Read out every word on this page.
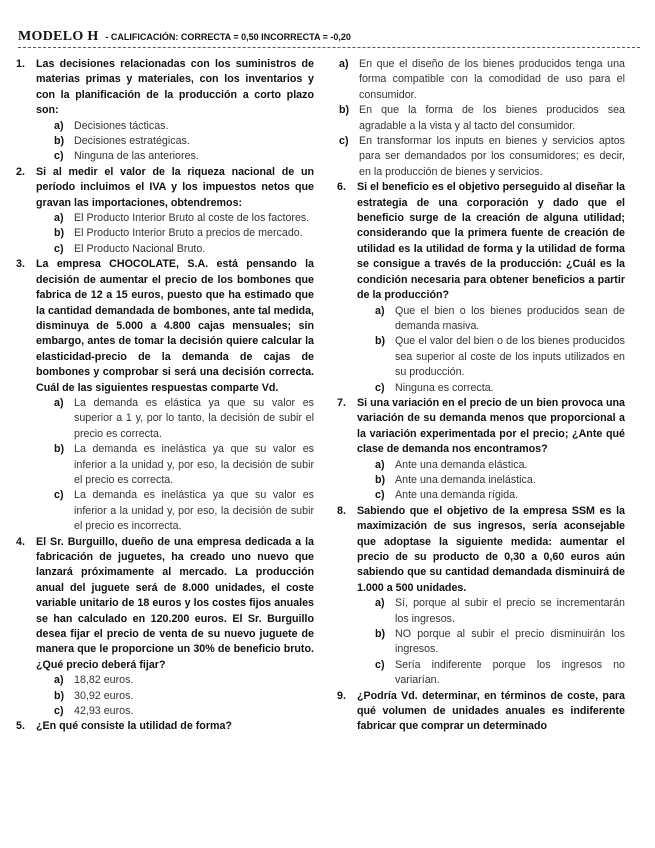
MODELO H - CALIFICACIÓN: CORRECTA = 0,50 INCORRECTA = -0,20
1. Las decisiones relacionadas con los suministros de materias primas y materiales, con los inventarios y con la planificación de la producción a corto plazo son:
a) Decisiones tácticas.
b) Decisiones estratégicas.
c) Ninguna de las anteriores.
2. Si al medir el valor de la riqueza nacional de un período incluimos el IVA y los impuestos netos que gravan las importaciones, obtendremos:
a) El Producto Interior Bruto al coste de los factores.
b) El Producto Interior Bruto a precios de mercado.
c) El Producto Nacional Bruto.
3. La empresa CHOCOLATE, S.A. está pensando la decisión de aumentar el precio de los bombones que fabrica de 12 a 15 euros, puesto que ha estimado que la cantidad demandada de bombones, ante tal medida, disminuya de 5.000 a 4.800 cajas mensuales; sin embargo, antes de tomar la decisión quiere calcular la elasticidad-precio de la demanda de cajas de bombones y comprobar si será una decisión correcta. Cuál de las siguientes respuestas comparte Vd.
a) La demanda es elástica ya que su valor es superior a 1 y, por lo tanto, la decisión de subir el precio es correcta.
b) La demanda es inelástica ya que su valor es inferior a la unidad y, por eso, la decisión de subir el precio es correcta.
c) La demanda es inelástica ya que su valor es inferior a la unidad y, por eso, la decisión de subir el precio es incorrecta.
4. El Sr. Burguillo, dueño de una empresa dedicada a la fabricación de juguetes, ha creado uno nuevo que lanzará próximamente al mercado. La producción anual del juguete será de 8.000 unidades, el coste variable unitario de 18 euros y los costes fijos anuales se han calculado en 120.200 euros. El Sr. Burguillo desea fijar el precio de venta de su nuevo juguete de manera que le proporcione un 30% de beneficio bruto. ¿Qué precio deberá fijar?
a) 18,82 euros.
b) 30,92 euros.
c) 42,93 euros.
5. ¿En qué consiste la utilidad de forma?
a) En que el diseño de los bienes producidos tenga una forma compatible con la comodidad de uso para el consumidor.
b) En que la forma de los bienes producidos sea agradable a la vista y al tacto del consumidor.
c) En transformar los inputs en bienes y servicios aptos para ser demandados por los consumidores; es decir, en la producción de bienes y servicios.
6. Si el beneficio es el objetivo perseguido al diseñar la estrategia de una corporación y dado que el beneficio surge de la creación de alguna utilidad; considerando que la primera fuente de creación de utilidad es la utilidad de forma y la utilidad de forma se consigue a través de la producción: ¿Cuál es la condición necesaria para obtener beneficios a partir de la producción?
a) Que el bien o los bienes producidos sean de demanda masiva.
b) Que el valor del bien o de los bienes producidos sea superior al coste de los inputs utilizados en su producción.
c) Ninguna es correcta.
7. Si una variación en el precio de un bien provoca una variación de su demanda menos que proporcional a la variación experimentada por el precio; ¿Ante qué clase de demanda nos encontramos?
a) Ante una demanda elástica.
b) Ante una demanda inelástica.
c) Ante una demanda rígida.
8. Sabiendo que el objetivo de la empresa SSM es la maximización de sus ingresos, sería aconsejable que adoptase la siguiente medida: aumentar el precio de su producto de 0,30 a 0,60 euros aún sabiendo que su cantidad demandada disminuirá de 1.000 a 500 unidades.
a) Sí, porque al subir el precio se incrementarán los ingresos.
b) NO porque al subir el precio disminuirán los ingresos.
c) Sería indiferente porque los ingresos no variarían.
9. ¿Podría Vd. determinar, en términos de coste, para qué volumen de unidades anuales es indiferente fabricar que comprar un determinado
